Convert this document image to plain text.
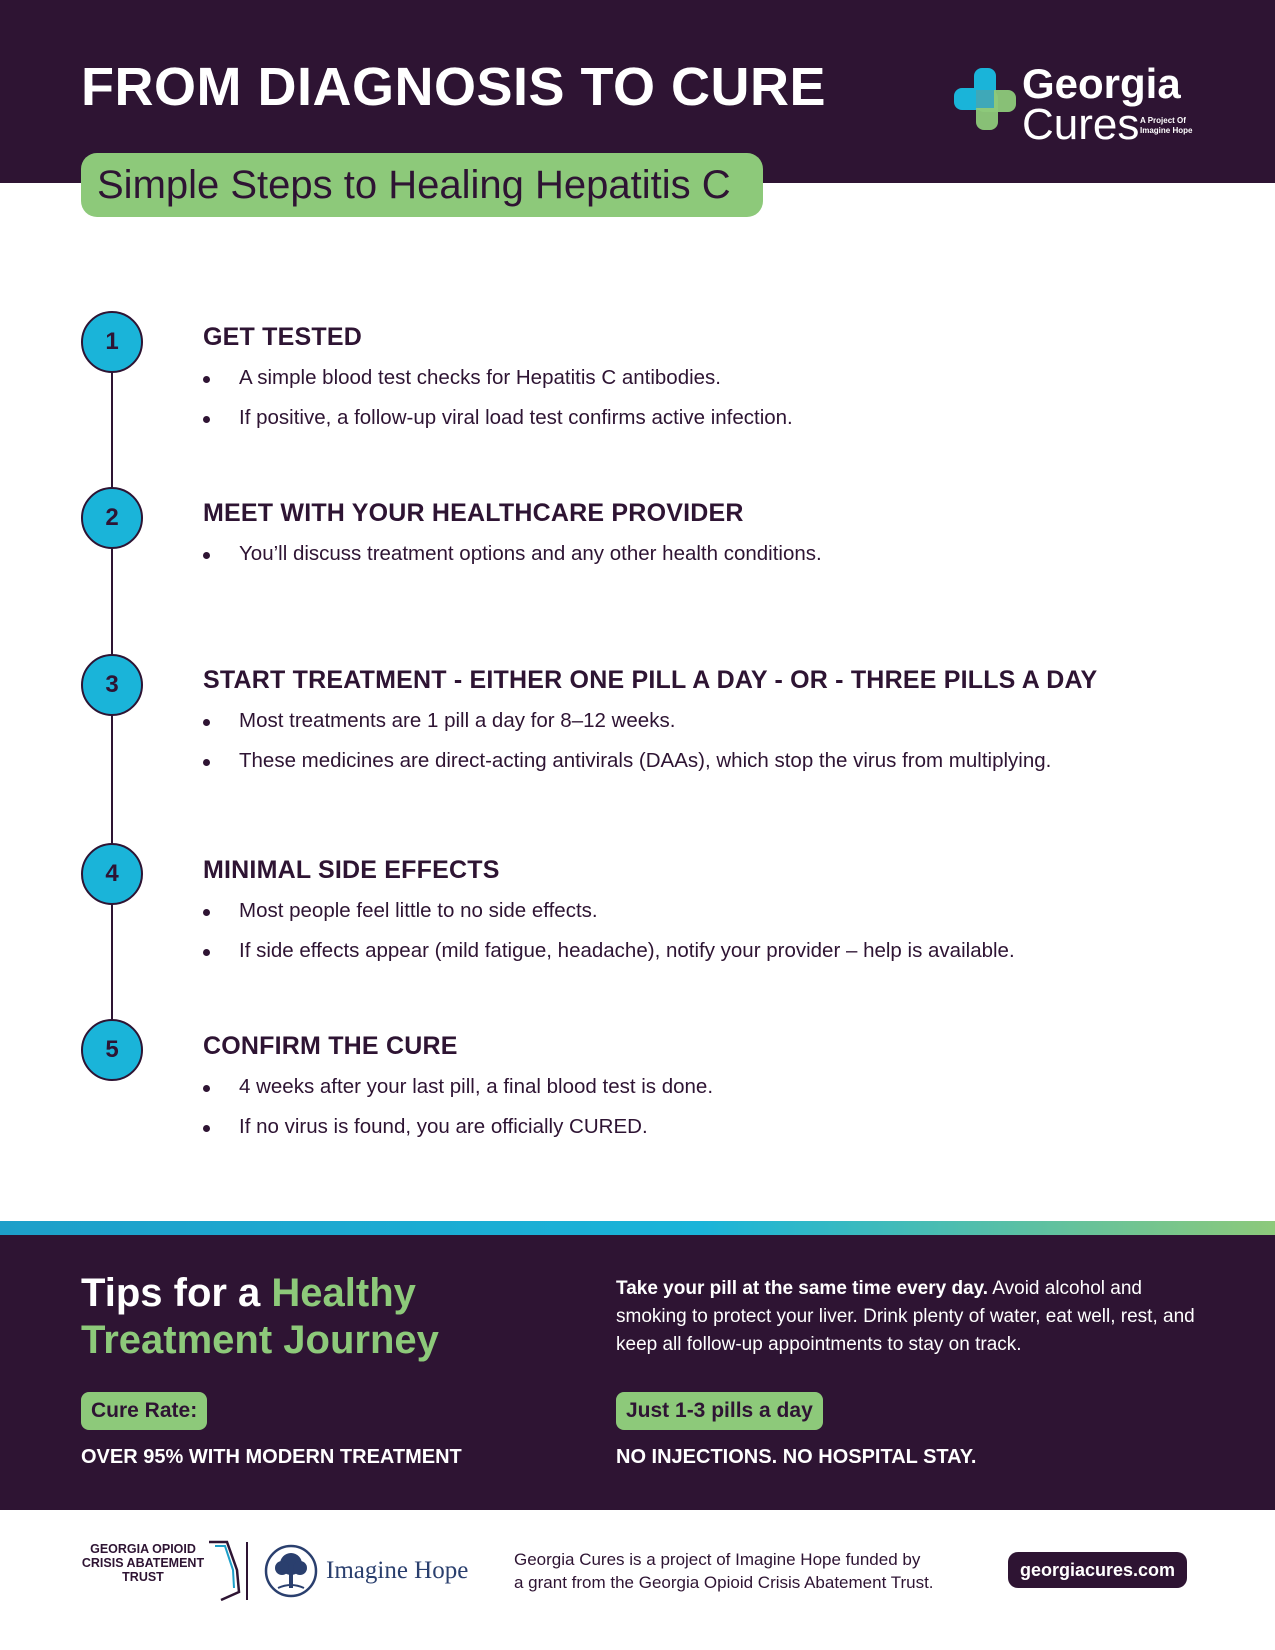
FROM DIAGNOSIS TO CURE	Georgia
Cures A Project Of Imagine Hope
Simple Steps to Healing Hepatitis C
1	GET TESTED
A simple blood test checks for Hepatitis C antibodies.
If positive, a follow-up viral load test confirms active infection.
2	MEET WITH YOUR HEALTHCARE PROVIDER
You’ll discuss treatment options and any other health conditions.
3	START TREATMENT - EITHER ONE PILL A DAY - OR - THREE PILLS A DAY
Most treatments are 1 pill a day for 8–12 weeks.
These medicines are direct-acting antivirals (DAAs), which stop the virus from multiplying.
4	MINIMAL SIDE EFFECTS
Most people feel little to no side effects.
If side effects appear (mild fatigue, headache), notify your provider – help is available.
5	CONFIRM THE CURE
4 weeks after your last pill, a final blood test is done.
If no virus is found, you are officially CURED.
Tips for a Healthy
Treatment Journey
Take your pill at the same time every day. Avoid alcohol and smoking to protect your liver. Drink plenty of water, eat well, rest, and keep all follow-up appointments to stay on track.
Cure Rate:
OVER 95% WITH MODERN TREATMENT
Just 1-3 pills a day
NO INJECTIONS. NO HOSPITAL STAY.
GEORGIA OPIOID CRISIS ABATEMENT TRUST	Imagine Hope	Georgia Cures is a project of Imagine Hope funded by
a grant from the Georgia Opioid Crisis Abatement Trust.
georgiacures.com
